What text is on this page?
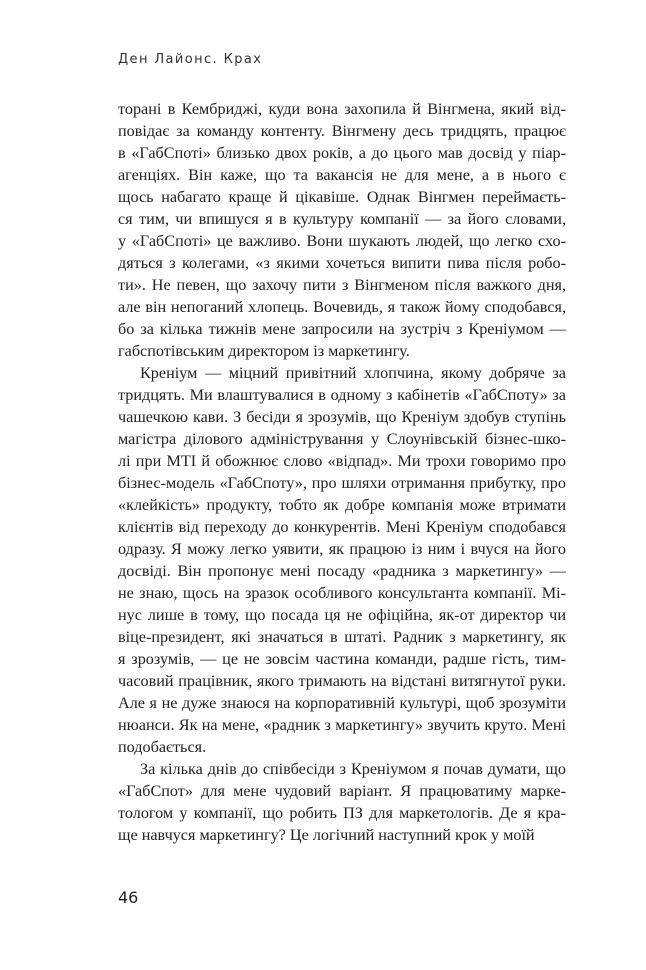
Ден Лайонс. Крах
торані в Кембриджі, куди вона захопила й Вінгмена, який від-
повідає за команду контенту. Вінгмену десь тридцять, працює
в «ГабСпоті» близько двох років, а до цього мав досвід у піар-
агенціях. Він каже, що та вакансія не для мене, а в нього є
щось набагато краще й цікавіше. Однак Вінгмен переймаєть-
ся тим, чи впишуся я в культуру компанії — за його словами,
у «ГабСпоті» це важливо. Вони шукають людей, що легко схо-
дяться з колегами, «з якими хочеться випити пива після робо-
ти». Не певен, що захочу пити з Вінгменом після важкого дня,
але він непоганий хлопець. Вочевидь, я також йому сподобався,
бо за кілька тижнів мене запросили на зустріч з Креніумом —
габспотівським директором із маркетингу.
Креніум — міцний привітний хлопчина, якому добряче за
тридцять. Ми влаштувалися в одному з кабінетів «ГабСпоту» за
чашечкою кави. З бесіди я зрозумів, що Креніум здобув ступінь
магістра ділового адміністрування у Слоунівській бізнес-шко-
лі при МТІ й обожнює слово «відпад». Ми трохи говоримо про
бізнес-модель «ГабСпоту», про шляхи отримання прибутку, про
«клейкість» продукту, тобто як добре компанія може втримати
клієнтів від переходу до конкурентів. Мені Креніум сподобався
одразу. Я можу легко уявити, як працюю із ним і вчуся на його
досвіді. Він пропонує мені посаду «радника з маркетингу» —
не знаю, щось на зразок особливого консультанта компанії. Мі-
нус лише в тому, що посада ця не офіційна, як-от директор чи
віце-президент, які значаться в штаті. Радник з маркетингу, як
я зрозумів, — це не зовсім частина команди, радше гість, тим-
часовий працівник, якого тримають на відстані витягнутої руки.
Але я не дуже знаюся на корпоративній культурі, щоб зрозуміти
нюанси. Як на мене, «радник з маркетингу» звучить круто. Мені
подобається.
За кілька днів до співбесіди з Креніумом я почав думати, що
«ГабСпот» для мене чудовий варіант. Я працюватиму марке-
тологом у компанії, що робить ПЗ для маркетологів. Де я кра-
ще навчуся маркетингу? Це логічний наступний крок у моїй
46
